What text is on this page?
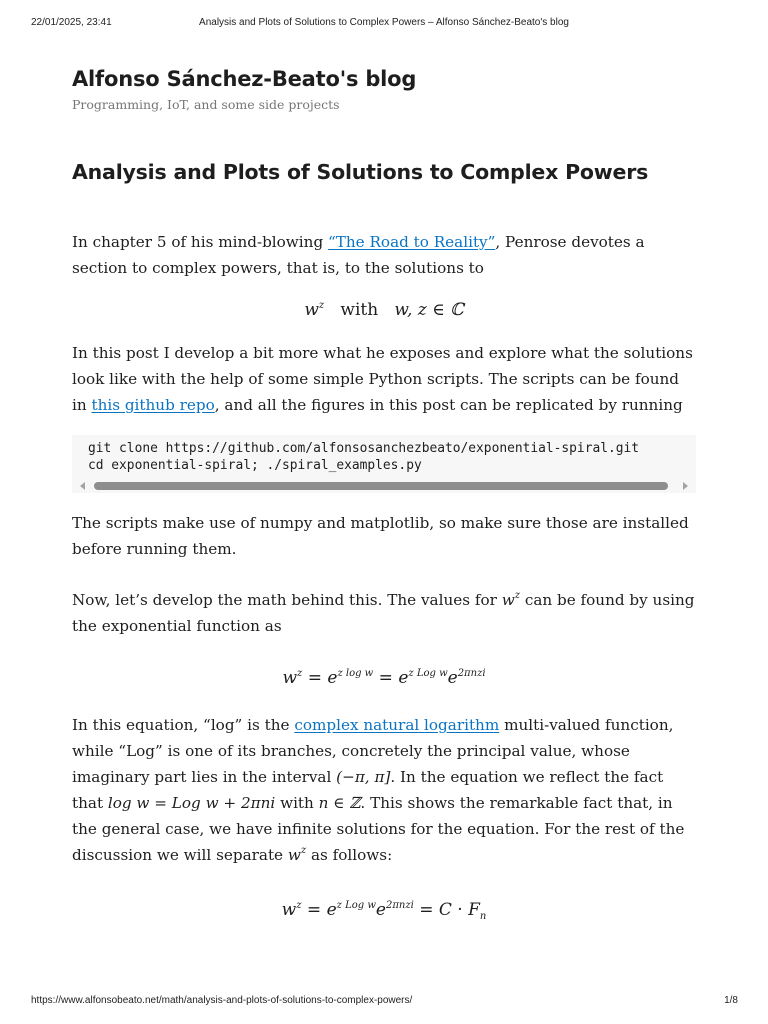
22/01/2025, 23:41	Analysis and Plots of Solutions to Complex Powers – Alfonso Sánchez-Beato's blog
Alfonso Sánchez-Beato's blog
Programming, IoT, and some side projects
Analysis and Plots of Solutions to Complex Powers

In chapter 5 of his mind-blowing “The Road to Reality”, Penrose devotes a section to complex powers, that is, to the solutions to

$w^z$ with w, z ∈ ℂ

In this post I develop a bit more what he exposes and explore what the solutions look like with the help of some simple Python scripts. The scripts can be found in this github repo, and all the figures in this post can be replicated by running

git clone https://github.com/alfonsosanchezbeato/exponential-spiral.git
cd exponential-spiral; ./spiral_examples.py

The scripts make use of numpy and matplotlib, so make sure those are installed before running them.

Now, let’s develop the math behind this. The values for $w^z$ can be found by using the exponential function as

$w^z = e^{z log w} = e^{z Log w}e^{2\pi nzi}$

In this equation, “log” is the complex natural logarithm multi-valued function, while “Log” is one of its branches, concretely the principal value, whose imaginary part lies in the interval (−π, π]. In the equation we reflect the fact that log w = Log w + 2πni with n ∈ ℤ. This shows the remarkable fact that, in the general case, we have infinite solutions for the equation. For the rest of the discussion we will separate $w^z$ as follows:

$w^z = e^{z Log w}e^{2\pi nzi} = C \cdot F_n$
https://www.alfonsobeato.net/math/analysis-and-plots-of-solutions-to-complex-powers/	1/8
